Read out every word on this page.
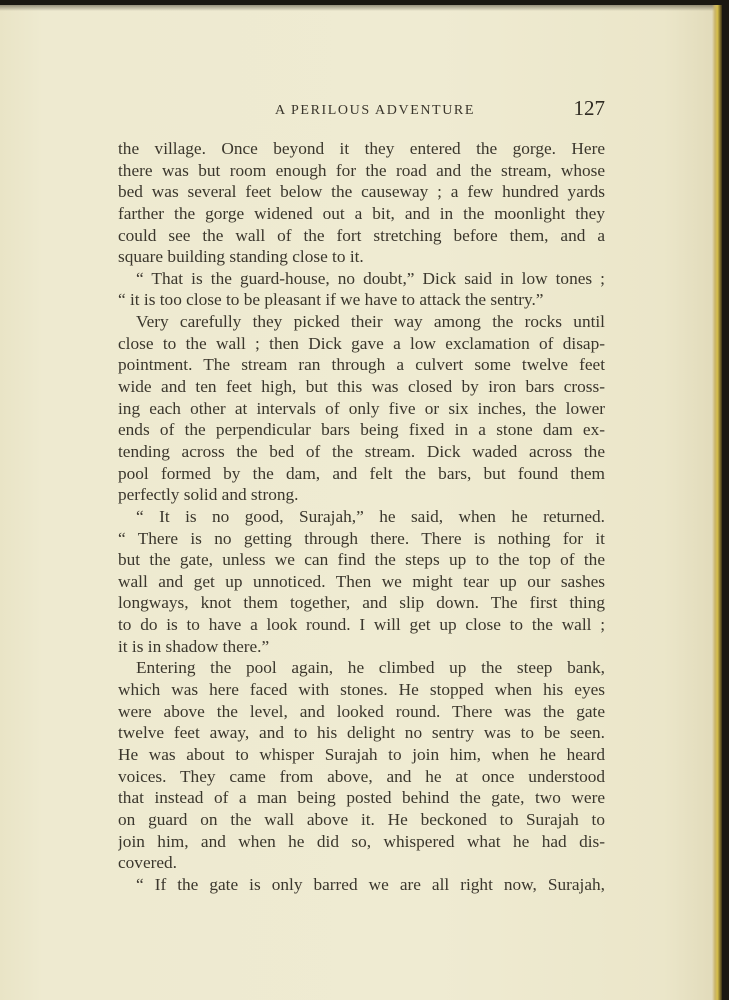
A PERILOUS ADVENTURE	127
the village. Once beyond it they entered the gorge. Here
there was but room enough for the road and the stream, whose
bed was several feet below the causeway ; a few hundred yards
farther the gorge widened out a bit, and in the moonlight they
could see the wall of the fort stretching before them, and a
square building standing close to it.
“ That is the guard-house, no doubt,” Dick said in low tones ;
“ it is too close to be pleasant if we have to attack the sentry.”
Very carefully they picked their way among the rocks until
close to the wall ; then Dick gave a low exclamation of disap-
pointment. The stream ran through a culvert some twelve feet
wide and ten feet high, but this was closed by iron bars cross-
ing each other at intervals of only five or six inches, the lower
ends of the perpendicular bars being fixed in a stone dam ex-
tending across the bed of the stream. Dick waded across the
pool formed by the dam, and felt the bars, but found them
perfectly solid and strong.
“ It is no good, Surajah,” he said, when he returned.
“ There is no getting through there. There is nothing for it
but the gate, unless we can find the steps up to the top of the
wall and get up unnoticed. Then we might tear up our sashes
longways, knot them together, and slip down. The first thing
to do is to have a look round. I will get up close to the wall ;
it is in shadow there.”
Entering the pool again, he climbed up the steep bank,
which was here faced with stones. He stopped when his eyes
were above the level, and looked round. There was the gate
twelve feet away, and to his delight no sentry was to be seen.
He was about to whisper Surajah to join him, when he heard
voices. They came from above, and he at once understood
that instead of a man being posted behind the gate, two were
on guard on the wall above it. He beckoned to Surajah to
join him, and when he did so, whispered what he had dis-
covered.
“ If the gate is only barred we are all right now, Surajah,
